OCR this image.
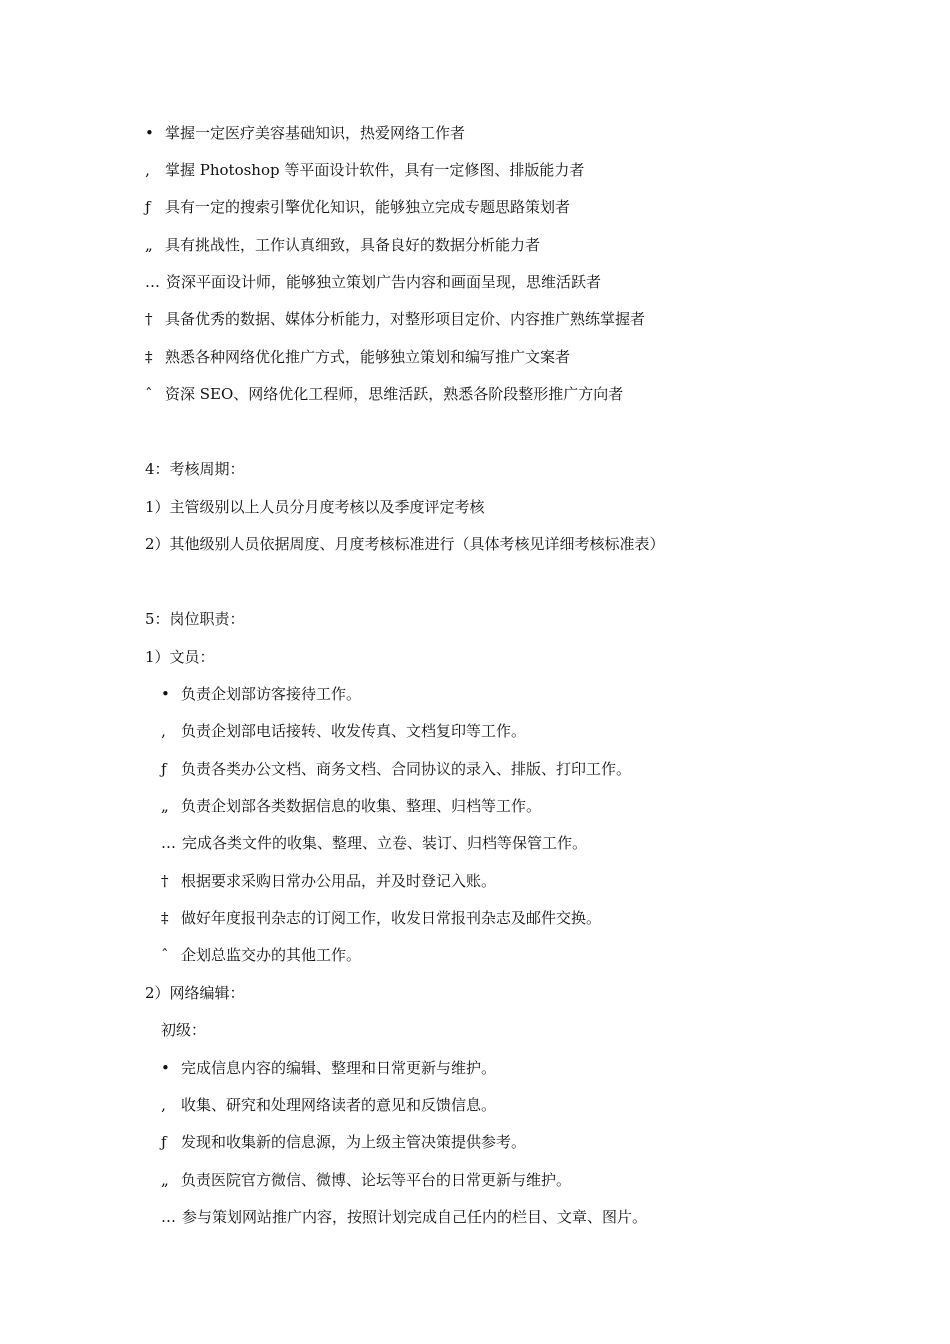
• 掌握一定医疗美容基础知识，热爱网络工作者
‚ 掌握 Photoshop 等平面设计软件，具有一定修图、排版能力者
ƒ 具有一定的搜索引擎优化知识，能够独立完成专题思路策划者
„ 具有挑战性，工作认真细致，具备良好的数据分析能力者
… 资深平面设计师，能够独立策划广告内容和画面呈现，思维活跃者
† 具备优秀的数据、媒体分析能力，对整形项目定价、内容推广熟练掌握者
‡ 熟悉各种网络优化推广方式，能够独立策划和编写推广文案者
ˆ 资深 SEO、网络优化工程师，思维活跃，熟悉各阶段整形推广方向者
4：考核周期：
1）主管级别以上人员分月度考核以及季度评定考核
2）其他级别人员依据周度、月度考核标准进行（具体考核见详细考核标准表）
5：岗位职责：
1）文员：
• 负责企划部访客接待工作。
‚ 负责企划部电话接转、收发传真、文档复印等工作。
ƒ 负责各类办公文档、商务文档、合同协议的录入、排版、打印工作。
„ 负责企划部各类数据信息的收集、整理、归档等工作。
… 完成各类文件的收集、整理、立卷、装订、归档等保管工作。
† 根据要求采购日常办公用品，并及时登记入账。
‡ 做好年度报刊杂志的订阅工作，收发日常报刊杂志及邮件交换。
ˆ 企划总监交办的其他工作。
2）网络编辑：
初级：
• 完成信息内容的编辑、整理和日常更新与维护。
‚ 收集、研究和处理网络读者的意见和反馈信息。
ƒ 发现和收集新的信息源，为上级主管决策提供参考。
„ 负责医院官方微信、微博、论坛等平台的日常更新与维护。
… 参与策划网站推广内容，按照计划完成自己任内的栏目、文章、图片。
